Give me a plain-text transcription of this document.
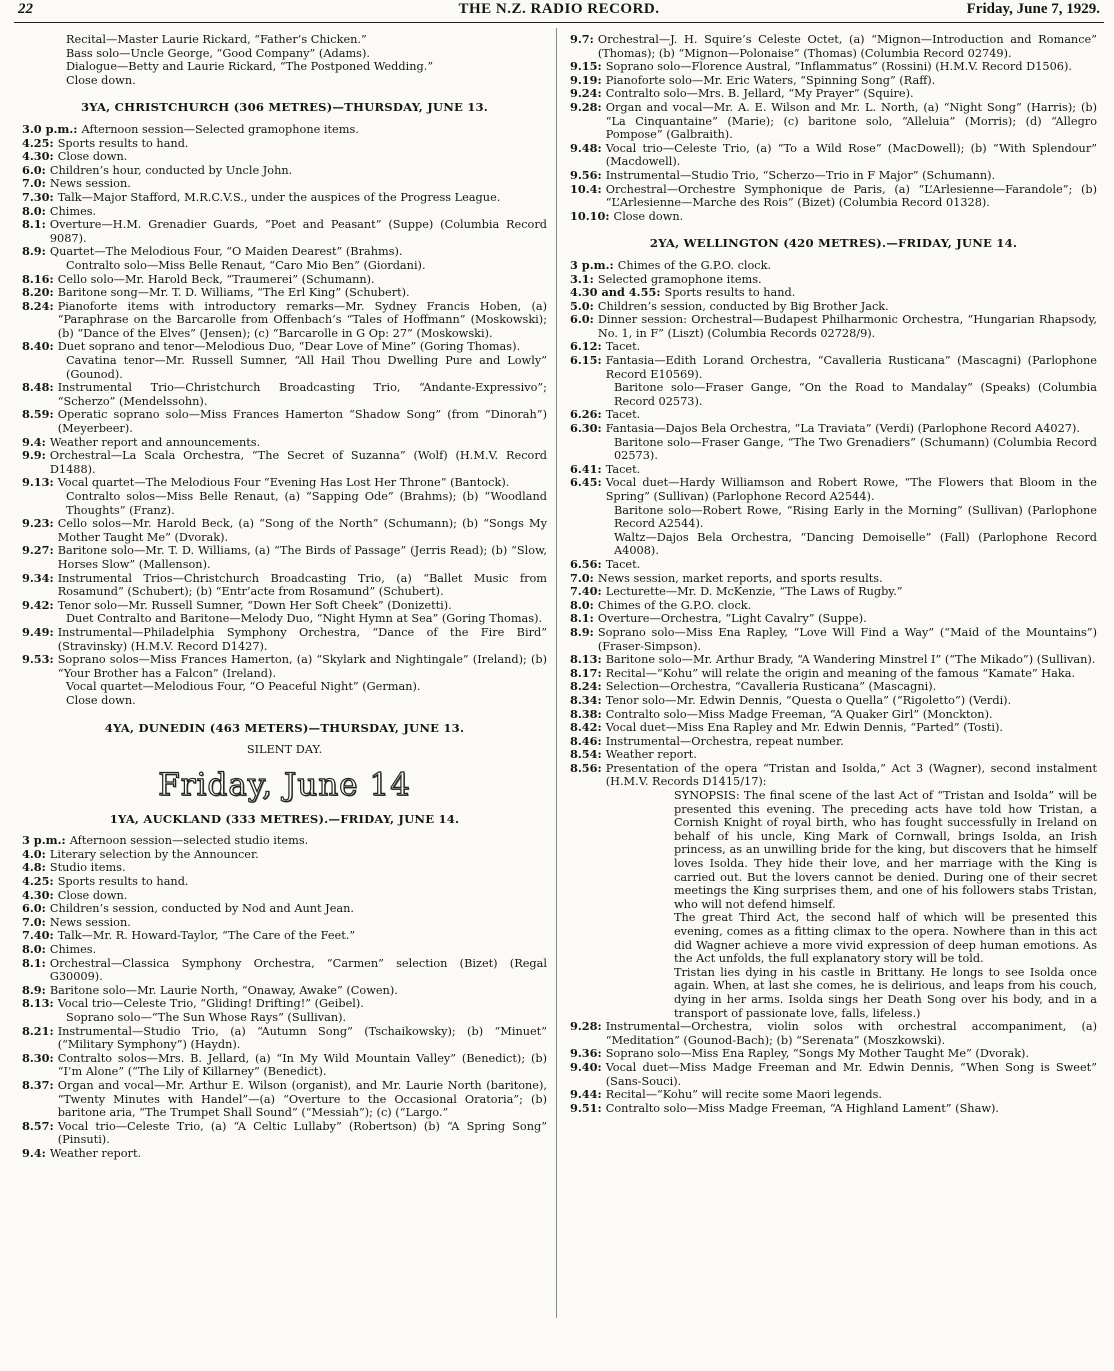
22	THE N.Z. RADIO RECORD.	Friday, June 7, 1929.

Recital—Master Laurie Rickard, “Father’s Chicken.”

Bass solo—Uncle George, “Good Company” (Adams).

Dialogue—Betty and Laurie Rickard, “The Postponed Wedding.”

Close down.

3YA, CHRISTCHURCH (306 METRES)—THURSDAY, JUNE 13.

3.0 p.m.: Afternoon session—Selected gramophone items.
4.25: Sports results to hand.
4.30: Close down.
6.0: Children’s hour, conducted by Uncle John.
7.0: News session.
7.30: Talk—Major Stafford, M.R.C.V.S., under the auspices of the Progress League.
8.0: Chimes.
8.1: Overture—H.M. Grenadier Guards, “Poet and Peasant” (Suppe) (Columbia Record 9087).
8.9: Quartet—The Melodious Four, “O Maiden Dearest” (Brahms).

Contralto solo—Miss Belle Renaut, “Caro Mio Ben” (Giordani).

8.16: Cello solo—Mr. Harold Beck, “Traumerei” (Schumann).
8.20: Baritone song—Mr. T. D. Williams, “The Erl King” (Schubert).
8.24: Pianoforte items with introductory remarks—Mr. Sydney Francis Hoben, (a) “Paraphrase on the Barcarolle from Offenbach’s “Tales of Hoffmann” (Moskowski); (b) “Dance of the Elves” (Jensen); (c) “Barcarolle in G Op: 27” (Moskowski).
8.40: Duet soprano and tenor—Melodious Duo, “Dear Love of Mine” (Goring Thomas).

Cavatina tenor—Mr. Russell Sumner, “All Hail Thou Dwelling Pure and Lowly” (Gounod).

8.48: Instrumental Trio—Christchurch Broadcasting Trio, “Andante-Expressivo”; “Scherzo” (Mendelssohn).
8.59: Operatic soprano solo—Miss Frances Hamerton “Shadow Song” (from “Dinorah”) (Meyerbeer).
9.4: Weather report and announcements.
9.9: Orchestral—La Scala Orchestra, “The Secret of Suzanna” (Wolf) (H.M.V. Record D1488).
9.13: Vocal quartet—The Melodious Four “Evening Has Lost Her Throne” (Bantock).

Contralto solos—Miss Belle Renaut, (a) “Sapping Ode” (Brahms); (b) “Woodland Thoughts” (Franz).

9.23: Cello solos—Mr. Harold Beck, (a) “Song of the North” (Schumann); (b) “Songs My Mother Taught Me” (Dvorak).
9.27: Baritone solo—Mr. T. D. Williams, (a) “The Birds of Passage” (Jerris Read); (b) “Slow, Horses Slow” (Mallenson).
9.34: Instrumental Trios—Christchurch Broadcasting Trio, (a) “Ballet Music from Rosamund” (Schubert); (b) “Entr’acte from Rosamund” (Schubert).
9.42: Tenor solo—Mr. Russell Sumner, “Down Her Soft Cheek” (Donizetti).

Duet Contralto and Baritone—Melody Duo, “Night Hymn at Sea” (Goring Thomas).

9.49: Instrumental—Philadelphia Symphony Orchestra, “Dance of the Fire Bird” (Stravinsky) (H.M.V. Record D1427).
9.53: Soprano solos—Miss Frances Hamerton, (a) “Skylark and Nightingale” (Ireland); (b) “Your Brother has a Falcon” (Ireland).

Vocal quartet—Melodious Four, “O Peaceful Night” (German).

Close down.

4YA, DUNEDIN (463 METERS)—THURSDAY, JUNE 13.

SILENT DAY.

Friday, June 14

1YA, AUCKLAND (333 METRES).—FRIDAY, JUNE 14.

3 p.m.: Afternoon session—selected studio items.
4.0: Literary selection by the Announcer.
4.8: Studio items.
4.25: Sports results to hand.
4.30: Close down.
6.0: Children’s session, conducted by Nod and Aunt Jean.
7.0: News session.
7.40: Talk—Mr. R. Howard-Taylor, “The Care of the Feet.”
8.0: Chimes.
8.1: Orchestral—Classica Symphony Orchestra, “Carmen” selection (Bizet) (Regal G30009).
8.9: Baritone solo—Mr. Laurie North, “Onaway, Awake” (Cowen).
8.13: Vocal trio—Celeste Trio, “Gliding! Drifting!” (Geibel).

Soprano solo—“The Sun Whose Rays” (Sullivan).

8.21: Instrumental—Studio Trio, (a) “Autumn Song” (Tschaikowsky); (b) “Minuet” (“Military Symphony”) (Haydn).
8.30: Contralto solos—Mrs. B. Jellard, (a) “In My Wild Mountain Valley” (Benedict); (b) “I’m Alone” (“The Lily of Killarney” (Benedict).
8.37: Organ and vocal—Mr. Arthur E. Wilson (organist), and Mr. Laurie North (baritone), “Twenty Minutes with Handel”—(a) “Overture to the Occasional Oratoria”; (b) baritone aria, “The Trumpet Shall Sound” (“Messiah”); (c) (“Largo.”
8.57: Vocal trio—Celeste Trio, (a) “A Celtic Lullaby” (Robertson) (b) “A Spring Song” (Pinsuti).
9.4: Weather report.
9.7: Orchestral—J. H. Squire’s Celeste Octet, (a) “Mignon—Introduction and Romance” (Thomas); (b) “Mignon—Polonaise” (Thomas) (Columbia Record 02749).
9.15: Soprano solo—Florence Austral, “Inflammatus” (Rossini) (H.M.V. Record D1506).
9.19: Pianoforte solo—Mr. Eric Waters, “Spinning Song” (Raff).
9.24: Contralto solo—Mrs. B. Jellard, “My Prayer” (Squire).
9.28: Organ and vocal—Mr. A. E. Wilson and Mr. L. North, (a) “Night Song” (Harris); (b) “La Cinquantaine” (Marie); (c) baritone solo, “Alleluia” (Morris); (d) “Allegro Pompose” (Galbraith).
9.48: Vocal trio—Celeste Trio, (a) “To a Wild Rose” (MacDowell); (b) “With Splendour” (Macdowell).
9.56: Instrumental—Studio Trio, “Scherzo—Trio in F Major” (Schumann).
10.4: Orchestral—Orchestre Symphonique de Paris, (a) “L’Arlesienne—Farandole”; (b) “L’Arlesienne—Marche des Rois” (Bizet) (Columbia Record 01328).
10.10: Close down.

2YA, WELLINGTON (420 METRES).—FRIDAY, JUNE 14.

3 p.m.: Chimes of the G.P.O. clock.
3.1: Selected gramophone items.
4.30 and 4.55: Sports results to hand.
5.0: Children’s session, conducted by Big Brother Jack.
6.0: Dinner session: Orchestral—Budapest Philharmonic Orchestra, “Hungarian Rhapsody, No. 1, in F” (Liszt) (Columbia Records 02728/9).
6.12: Tacet.
6.15: Fantasia—Edith Lorand Orchestra, “Cavalleria Rusticana” (Mascagni) (Parlophone Record E10569).

Baritone solo—Fraser Gange, “On the Road to Mandalay” (Speaks) (Columbia Record 02573).

6.26: Tacet.
6.30: Fantasia—Dajos Bela Orchestra, “La Traviata” (Verdi) (Parlophone Record A4027).

Baritone solo—Fraser Gange, “The Two Grenadiers” (Schumann) (Columbia Record 02573).

6.41: Tacet.
6.45: Vocal duet—Hardy Williamson and Robert Rowe, “The Flowers that Bloom in the Spring” (Sullivan) (Parlophone Record A2544).

Baritone solo—Robert Rowe, “Rising Early in the Morning” (Sullivan) (Parlophone Record A2544).

Waltz—Dajos Bela Orchestra, “Dancing Demoiselle” (Fall) (Parlophone Record A4008).

6.56: Tacet.
7.0: News session, market reports, and sports results.
7.40: Lecturette—Mr. D. McKenzie, “The Laws of Rugby.”
8.0: Chimes of the G.P.O. clock.
8.1: Overture—Orchestra, “Light Cavalry” (Suppe).
8.9: Soprano solo—Miss Ena Rapley, “Love Will Find a Way” (“Maid of the Mountains”) (Fraser-Simpson).
8.13: Baritone solo—Mr. Arthur Brady, “A Wandering Minstrel I” (“The Mikado”) (Sullivan).
8.17: Recital—“Kohu” will relate the origin and meaning of the famous “Kamate” Haka.
8.24: Selection—Orchestra, “Cavalleria Rusticana” (Mascagni).
8.34: Tenor solo—Mr. Edwin Dennis, “Questa o Quella” (“Rigoletto”) (Verdi).
8.38: Contralto solo—Miss Madge Freeman, “A Quaker Girl” (Monckton).
8.42: Vocal duet—Miss Ena Rapley and Mr. Edwin Dennis, “Parted” (Tosti).
8.46: Instrumental—Orchestra, repeat number.
8.54: Weather report.
8.56: Presentation of the opera “Tristan and Isolda,” Act 3 (Wagner), second instalment (H.M.V. Records D1415/17):

SYNOPSIS: The final scene of the last Act of “Tristan and Isolda” will be presented this evening. The preceding acts have told how Tristan, a Cornish Knight of royal birth, who has fought successfully in Ireland on behalf of his uncle, King Mark of Cornwall, brings Isolda, an Irish princess, as an unwilling bride for the king, but discovers that he himself loves Isolda. They hide their love, and her marriage with the King is carried out. But the lovers cannot be denied. During one of their secret meetings the King surprises them, and one of his followers stabs Tristan, who will not defend himself.

The great Third Act, the second half of which will be presented this evening, comes as a fitting climax to the opera. Nowhere than in this act did Wagner achieve a more vivid expression of deep human emotions. As the Act unfolds, the full explanatory story will be told.

Tristan lies dying in his castle in Brittany. He longs to see Isolda once again. When, at last she comes, he is delirious, and leaps from his couch, dying in her arms. Isolda sings her Death Song over his body, and in a transport of passionate love, falls, lifeless.)

9.28: Instrumental—Orchestra, violin solos with orchestral accompaniment, (a) “Meditation” (Gounod-Bach); (b) “Serenata” (Moszkowski).
9.36: Soprano solo—Miss Ena Rapley, “Songs My Mother Taught Me” (Dvorak).
9.40: Vocal duet—Miss Madge Freeman and Mr. Edwin Dennis, “When Song is Sweet” (Sans-Souci).
9.44: Recital—“Kohu” will recite some Maori legends.
9.51: Contralto solo—Miss Madge Freeman, “A Highland Lament” (Shaw).
